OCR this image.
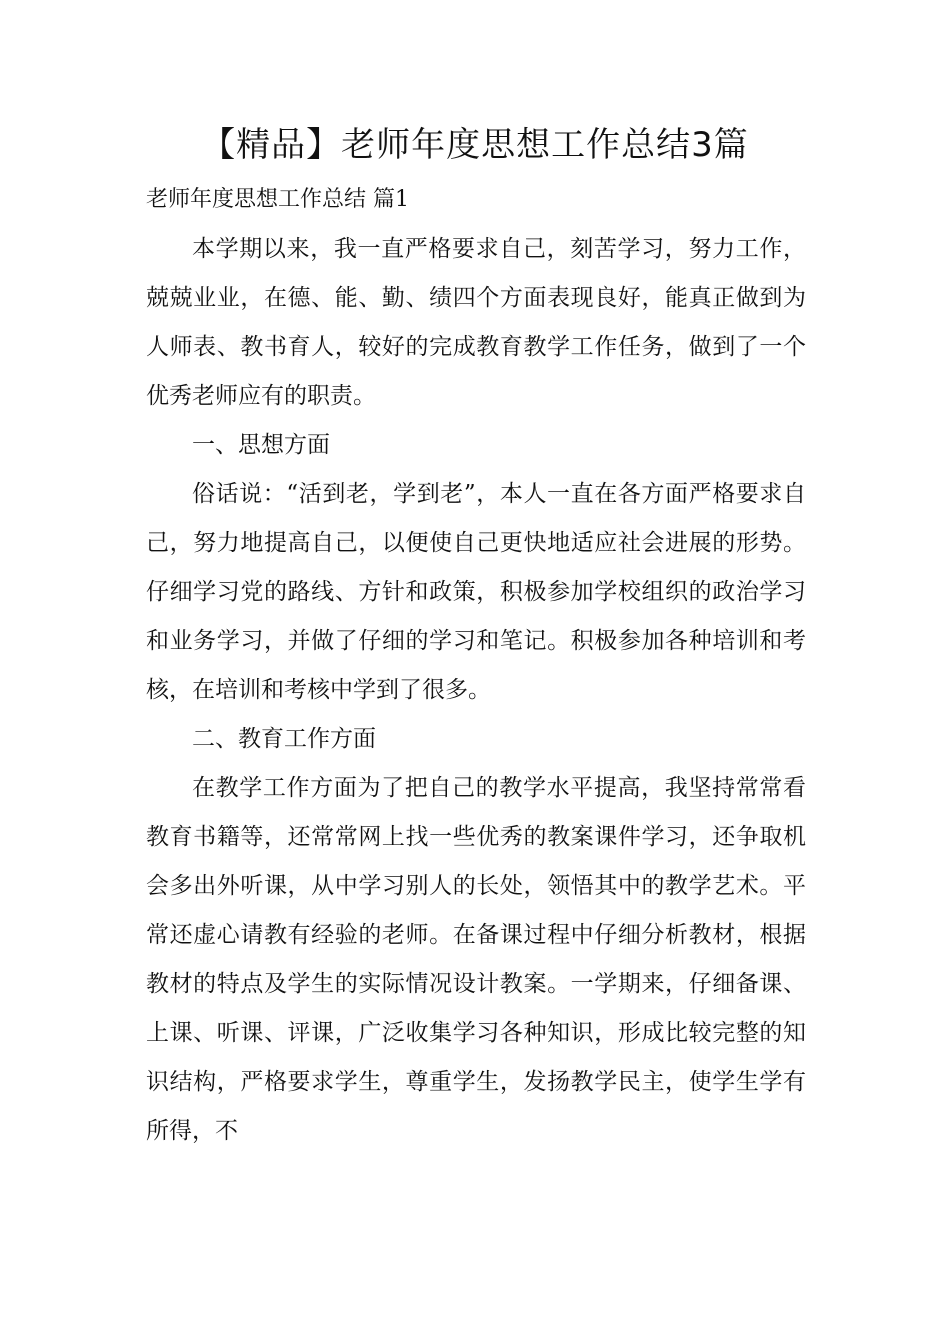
【精品】老师年度思想工作总结3篇
老师年度思想工作总结 篇1

本学期以来，我一直严格要求自己，刻苦学习，努力工作，兢兢业业，在德、能、勤、绩四个方面表现良好，能真正做到为人师表、教书育人，较好的完成教育教学工作任务，做到了一个优秀老师应有的职责。

一、思想方面

俗话说：“活到老，学到老”，本人一直在各方面严格要求自己，努力地提高自己，以便使自己更快地适应社会进展的形势。仔细学习党的路线、方针和政策，积极参加学校组织的政治学习和业务学习，并做了仔细的学习和笔记。积极参加各种培训和考核，在培训和考核中学到了很多。

二、教育工作方面

在教学工作方面为了把自己的教学水平提高，我坚持常常看教育书籍等，还常常网上找一些优秀的教案课件学习，还争取机会多出外听课，从中学习别人的长处，领悟其中的教学艺术。平常还虚心请教有经验的老师。在备课过程中仔细分析教材，根据教材的特点及学生的实际情况设计教案。一学期来，仔细备课、上课、听课、评课，广泛收集学习各种知识，形成比较完整的知识结构，严格要求学生，尊重学生，发扬教学民主，使学生学有所得，不
